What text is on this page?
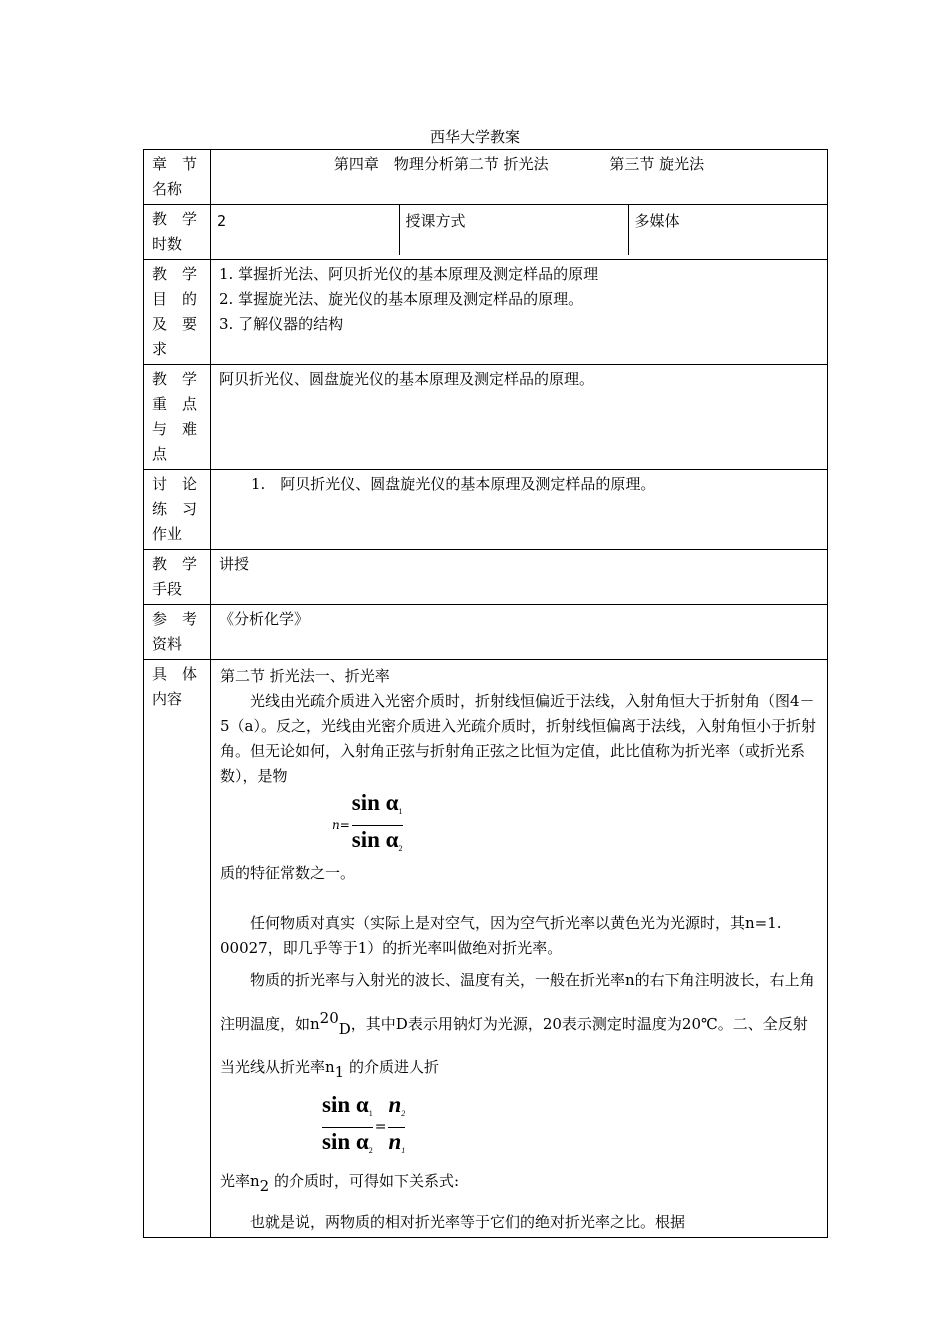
西华大学教案
章　节
名称
	第四章　物理分析第二节 折光法	第三节 旋光法

教　学
时数

2	授课方式	多媒体

教　学
目　的
及　要
求

1. 掌握折光法、阿贝折光仪的基本原理及测定样品的原理
2. 掌握旋光法、旋光仪的基本原理及测定样品的原理。
3. 了解仪器的结构

教　学
重　点
与　难
点
	阿贝折光仪、圆盘旋光仪的基本原理及测定样品的原理。

讨　论
练　习
作业
	1.　阿贝折光仪、圆盘旋光仪的基本原理及测定样品的原理。

教　学
手段
	讲授

参　考
资料
	《分析化学》

具　体
内容

第二节 折光法一、折光率

光线由光疏介质进入光密介质时，折射线恒偏近于法线，入射角恒大于折射角（图4－5（a）。反之，光线由光密介质进入光疏介质时，折射线恒偏离于法线，入射角恒小于折射角。但无论如何，入射角正弦与折射角正弦之比恒为定值，此比值称为折光率（或折光系数），是物

$n= \frac{\sin \alpha_1}{\sin \alpha_2}$

质的特征常数之一。

任何物质对真实（实际上是对空气，因为空气折光率以黄色光为光源时，其n=1. 00027，即几乎等于1）的折光率叫做绝对折光率。

物质的折光率与入射光的波长、温度有关，一般在折光率n的右下角注明波长，右上角注明温度，如n20D，其中D表示用钠灯为光源，20表示测定时温度为20℃。二、全反射当光线从折光率n1 的介质进人折

$\frac{\sin \alpha_1}{\sin \alpha_2} = \frac{n_2}{n_1}$

光率n2 的介质时，可得如下关系式:

也就是说，两物质的相对折光率等于它们的绝对折光率之比。根据
